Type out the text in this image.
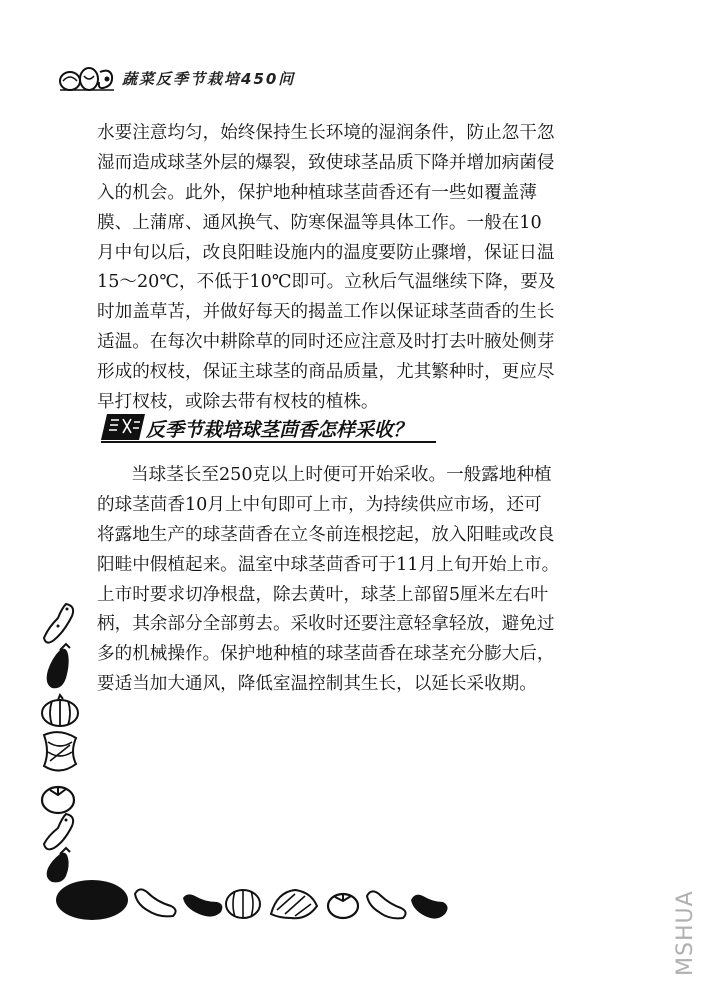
蔬菜反季节栽培450问
水要注意均匀，始终保持生长环境的湿润条件，防止忽干忽
湿而造成球茎外层的爆裂，致使球茎品质下降并增加病菌侵
入的机会。此外，保护地种植球茎茴香还有一些如覆盖薄
膜、上蒲席、通风换气、防寒保温等具体工作。一般在10
月中旬以后，改良阳畦设施内的温度要防止骤增，保证日温
15～20℃，不低于10℃即可。立秋后气温继续下降，要及
时加盖草苫，并做好每天的揭盖工作以保证球茎茴香的生长
适温。在每次中耕除草的同时还应注意及时打去叶腋处侧芽
形成的杈枝，保证主球茎的商品质量，尤其繁种时，更应尽
早打杈枝，或除去带有杈枝的植株。
反季节栽培球茎茴香怎样采收？
当球茎长至250克以上时便可开始采收。一般露地种植
的球茎茴香10月上中旬即可上市，为持续供应市场，还可
将露地生产的球茎茴香在立冬前连根挖起，放入阳畦或改良
阳畦中假植起来。温室中球茎茴香可于11月上旬开始上市。
上市时要求切净根盘，除去黄叶，球茎上部留5厘米左右叶
柄，其余部分全部剪去。采收时还要注意轻拿轻放，避免过
多的机械操作。保护地种植的球茎茴香在球茎充分膨大后，
要适当加大通风，降低室温控制其生长，以延长采收期。
MSHUA
